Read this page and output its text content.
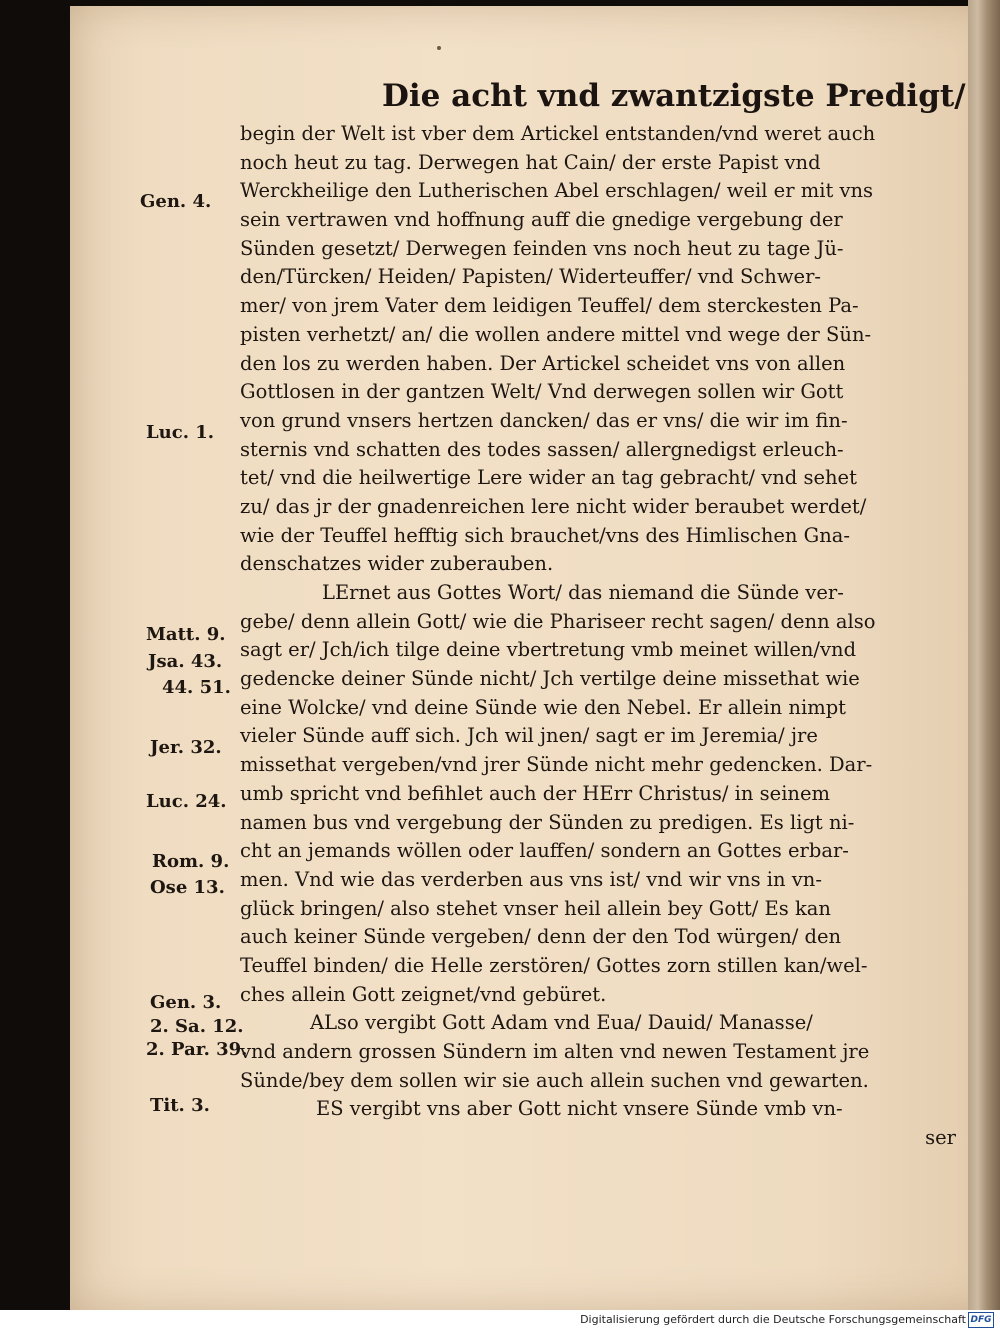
Die acht vnd zwantzigste Predigt/
Gen. 4.
Luc. 1.
Matt. 9.
Jsa. 43.
44. 51.
Jer. 32.
Luc. 24.
Rom. 9.
Ose 13.
Gen. 3.
2. Sa. 12.
2. Par. 39.
Tit. 3.
begin der Welt ist vber dem Artickel entstanden/vnd weret auch
noch heut zu tag. Derwegen hat Cain/ der erste Papist vnd
Werckheilige den Lutherischen Abel erschlagen/ weil er mit vns
sein vertrawen vnd hoffnung auff die gnedige vergebung der
Sünden gesetzt/ Derwegen feinden vns noch heut zu tage Jü-
den/Türcken/ Heiden/ Papisten/ Widerteuffer/ vnd Schwer-
mer/ von jrem Vater dem leidigen Teuffel/ dem sterckesten Pa-
pisten verhetzt/ an/ die wollen andere mittel vnd wege der Sün-
den los zu werden haben. Der Artickel scheidet vns von allen
Gottlosen in der gantzen Welt/ Vnd derwegen sollen wir Gott
von grund vnsers hertzen dancken/ das er vns/ die wir im fin-
sternis vnd schatten des todes sassen/ allergnedigst erleuch-
tet/ vnd die heilwertige Lere wider an tag gebracht/ vnd sehet
zu/ das jr der gnadenreichen lere nicht wider beraubet werdet/
wie der Teuffel hefftig sich brauchet/vns des Himlischen Gna-
denschatzes wider zuberauben.
LErnet aus Gottes Wort/ das niemand die Sünde ver-
gebe/ denn allein Gott/ wie die Phariseer recht sagen/ denn also
sagt er/ Jch/ich tilge deine vbertretung vmb meinet willen/vnd
gedencke deiner Sünde nicht/ Jch vertilge deine missethat wie
eine Wolcke/ vnd deine Sünde wie den Nebel. Er allein nimpt
vieler Sünde auff sich. Jch wil jnen/ sagt er im Jeremia/ jre
missethat vergeben/vnd jrer Sünde nicht mehr gedencken. Dar-
umb spricht vnd befihlet auch der HErr Christus/ in seinem
namen bus vnd vergebung der Sünden zu predigen. Es ligt ni-
cht an jemands wöllen oder lauffen/ sondern an Gottes erbar-
men. Vnd wie das verderben aus vns ist/ vnd wir vns in vn-
glück bringen/ also stehet vnser heil allein bey Gott/ Es kan
auch keiner Sünde vergeben/ denn der den Tod würgen/ den
Teuffel binden/ die Helle zerstören/ Gottes zorn stillen kan/wel-
ches allein Gott zeignet/vnd gebüret.
ALso vergibt Gott Adam vnd Eua/ Dauid/ Manasse/
vnd andern grossen Sündern im alten vnd newen Testament jre
Sünde/bey dem sollen wir sie auch allein suchen vnd gewarten.
ES vergibt vns aber Gott nicht vnsere Sünde vmb vn-
ser
Digitalisierung gefördert durch die Deutsche Forschungsgemeinschaft DFG
